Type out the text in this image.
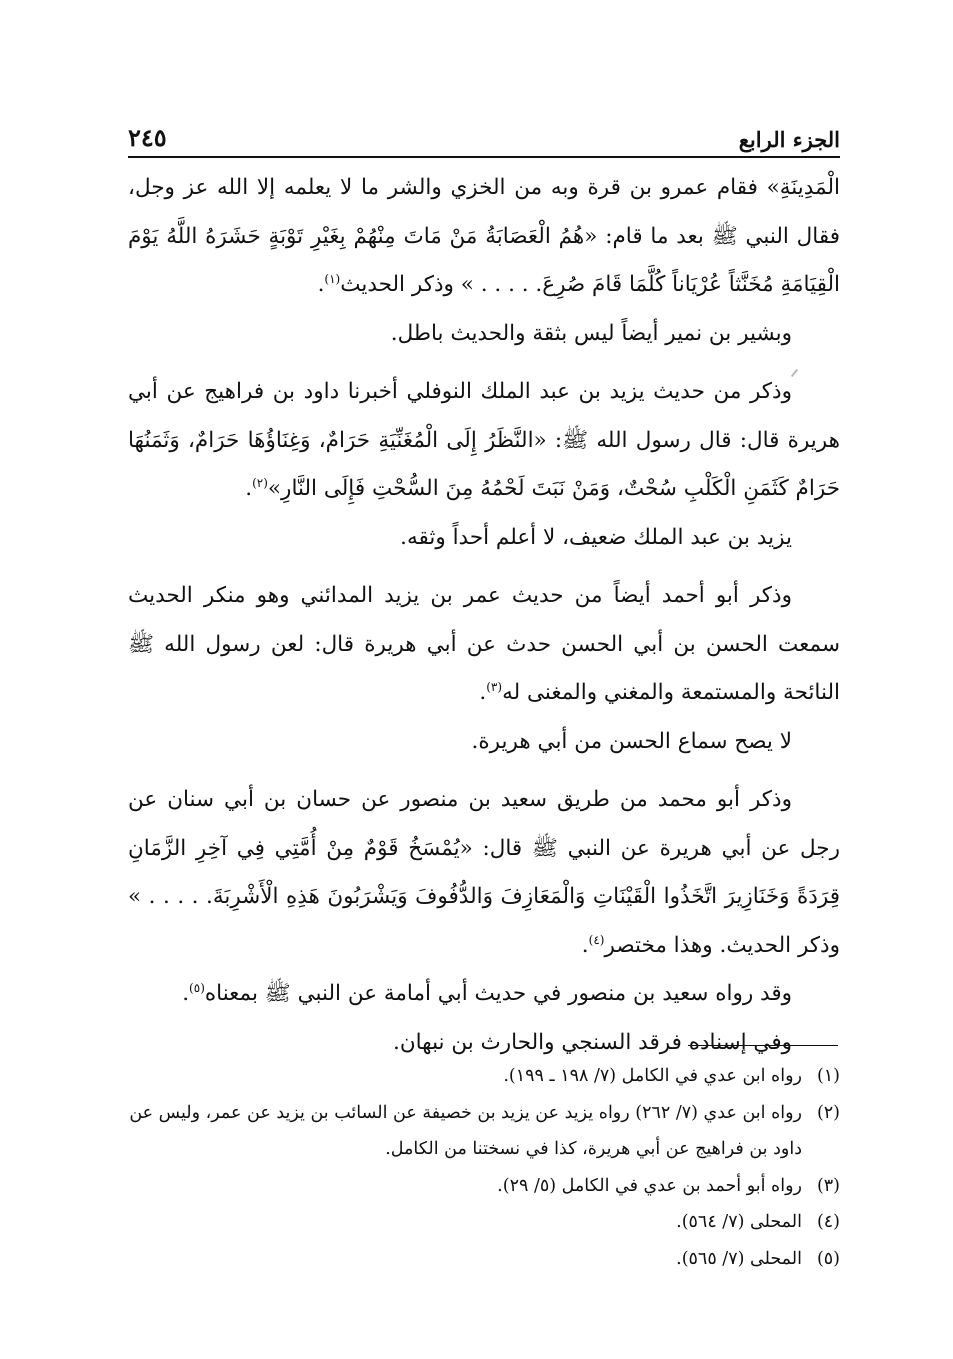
الجزء الرابع
٢٤٥

الْمَدِينَةِ» فقام عمرو بن قرة وبه من الخزي والشر ما لا يعلمه إلا الله عز وجل، فقال النبي ﷺ بعد ما قام: «هُمُ الْعَصَابَةُ مَنْ مَاتَ مِنْهُمْ بِغَيْرِ تَوْبَةٍ حَشَرَهُ اللَّهُ يَوْمَ الْقِيَامَةِ مُخَنَّثاً عُرْيَاناً كُلَّمَا قَامَ صُرِعَ. . . . . » وذكر الحديث$^{(١)}$.

وبشير بن نمير أيضاً ليس بثقة والحديث باطل.

وذكر من حديث يزيد بن عبد الملك النوفلي أخبرنا داود بن فراهيج عن أبي هريرة قال: قال رسول الله ﷺ: «النَّظَرُ إِلَى الْمُغَنِّيَةِ حَرَامٌ، وَغِنَاؤُهَا حَرَامٌ، وَثَمَنُهَا حَرَامٌ كَثَمَنِ الْكَلْبِ سُحْتٌ، وَمَنْ نَبَتَ لَحْمُهُ مِنَ السُّحْتِ فَإِلَى النَّارِ»$^{(٢)}$.

يزيد بن عبد الملك ضعيف، لا أعلم أحداً وثقه.

وذكر أبو أحمد أيضاً من حديث عمر بن يزيد المدائني وهو منكر الحديث سمعت الحسن بن أبي الحسن حدث عن أبي هريرة قال: لعن رسول الله ﷺ النائحة والمستمعة والمغني والمغنى له$^{(٣)}$.

لا يصح سماع الحسن من أبي هريرة.

وذكر أبو محمد من طريق سعيد بن منصور عن حسان بن أبي سنان عن رجل عن أبي هريرة عن النبي ﷺ قال: «يُمْسَخُ قَوْمٌ مِنْ أُمَّتِي فِي آخِرِ الزَّمَانِ قِرَدَةً وَخَنَازِيرَ اتَّخَذُوا الْقَيْنَاتِ وَالْمَعَازِفَ وَالدُّفُوفَ وَيَشْرَبُونَ هَذِهِ الْأَشْرِبَةَ. . . . . » وذكر الحديث. وهذا مختصر$^{(٤)}$.

وقد رواه سعيد بن منصور في حديث أبي أمامة عن النبي ﷺ بمعناه$^{(٥)}$.

وفي إسناده فرقد السنجي والحارث بن نبهان.

(١)
رواه ابن عدي في الكامل (٧/ ١٩٨ ـ ١٩٩).
(٢)
رواه ابن عدي (٧/ ٢٦٢) رواه يزيد عن يزيد بن خصيفة عن السائب بن يزيد عن عمر، وليس عن داود بن فراهيج عن أبي هريرة، كذا في نسختنا من الكامل.
(٣)
رواه أبو أحمد بن عدي في الكامل (٥/ ٢٩).
(٤)
المحلى (٧/ ٥٦٤).
(٥)
المحلى (٧/ ٥٦٥).
